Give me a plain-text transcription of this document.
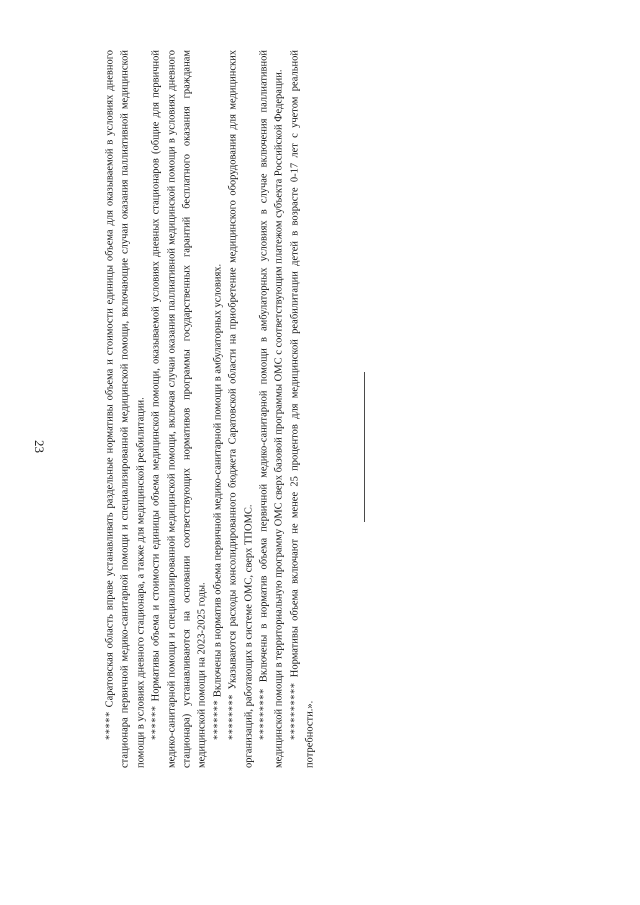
23

***** Саратовская область вправе устанавливать раздельные нормативы объема и стоимости единицы объема для оказываемой в условиях дневного стационара первичной медико-санитарной помощи и специализированной медицинской помощи, включающие случаи оказания паллиативной медицинской помощи в условиях дневного стационара, а также для медицинской реабилитации. ****** Нормативы объема и стоимости единицы объема медицинской помощи, оказываемой условиях дневных стационаров (общие для первичной медико-санитарной помощи и специализированной медицинской помощи, включая случаи оказания паллиативной медицинской помощи в условиях дневного стационара) устанавливаются на основании соответствующих нормативов программы государственных гарантий бесплатного оказания гражданам медицинской помощи на 2023-2025 годы. ******* Включены в норматив объема первичной медико-санитарной помощи в амбулаторных условиях.

******** Указываются расходы консолидированного бюджета Саратовской области на приобретение медицинского оборудования для медицинских организаций, работающих в системе ОМС, сверх ТПОМС. ********* Включены в норматив объема первичной медико-санитарной помощи в амбулаторных условиях в случае включения паллиативной медицинской помощи в территориальную программу ОМС сверх базовой программы ОМС с соответствующим платежом субъекта Российской Федерации. ********** Нормативы объема включают не менее 25 процентов для медицинской реабилитации детей в возрасте 0-17 лет с учетом реальной потребности.».
